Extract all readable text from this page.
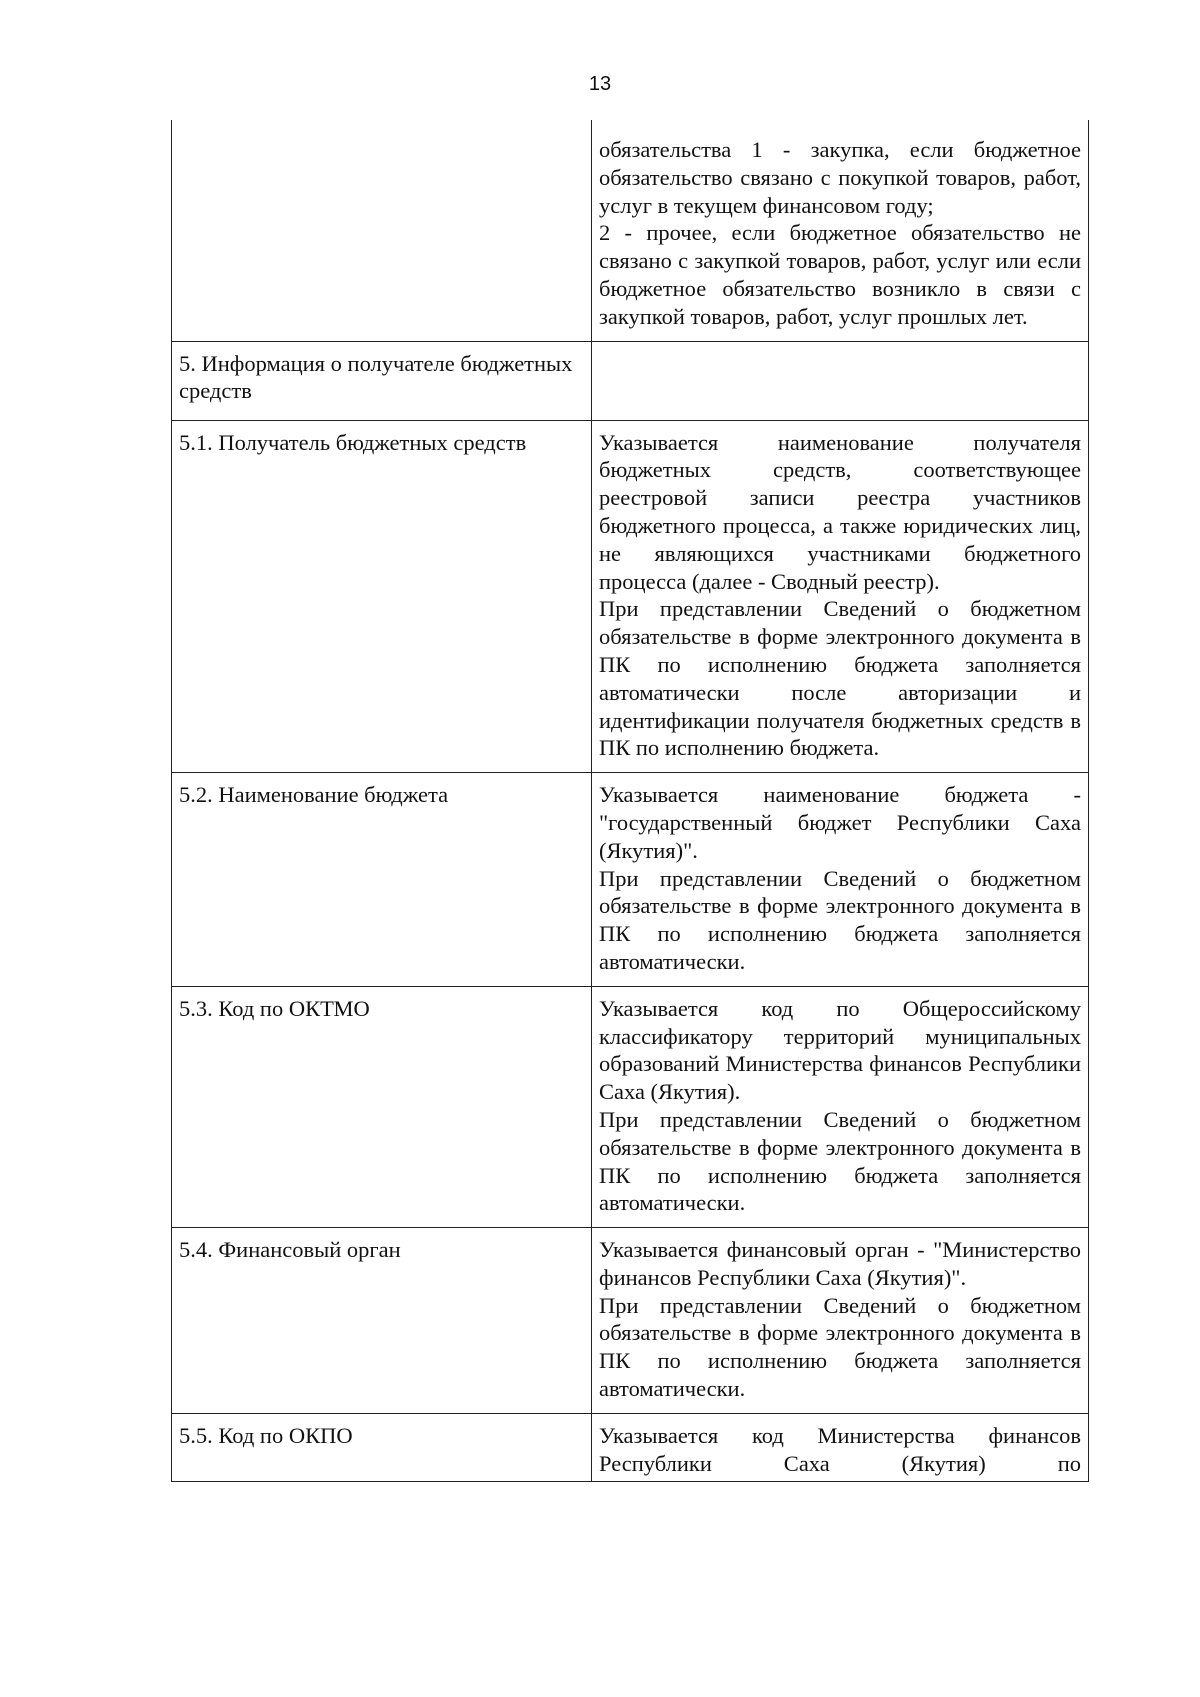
13

	обязательства 1 - закупка, если бюджетное обязательство связано с покупкой товаров, работ, услуг в текущем финансовом году;
2 - прочее, если бюджетное обязательство не связано с закупкой товаров, работ, услуг или если бюджетное обязательство возникло в связи с закупкой товаров, работ, услуг прошлых лет.

5. Информация о получателе бюджетных средств	
5.1. Получатель бюджетных средств	Указывается наименование получателя бюджетных средств, соответствующее реестровой записи реестра участников бюджетного процесса, а также юридических лиц, не являющихся участниками бюджетного процесса (далее - Сводный реестр).
При представлении Сведений о бюджетном обязательстве в форме электронного документа в ПК по исполнению бюджета заполняется автоматически после авторизации и идентификации получателя бюджетных средств в ПК по исполнению бюджета.

5.2. Наименование бюджета	Указывается наименование бюджета - "государственный бюджет Республики Саха (Якутия)".
При представлении Сведений о бюджетном обязательстве в форме электронного документа в ПК по исполнению бюджета заполняется автоматически.

5.3. Код по ОКТМО	Указывается код по Общероссийскому классификатору территорий муниципальных образований Министерства финансов Республики Саха (Якутия).
При представлении Сведений о бюджетном обязательстве в форме электронного документа в ПК по исполнению бюджета заполняется автоматически.

5.4. Финансовый орган	Указывается финансовый орган - "Министерство финансов Республики Саха (Якутия)".
При представлении Сведений о бюджетном обязательстве в форме электронного документа в ПК по исполнению бюджета заполняется автоматически.

5.5. Код по ОКПО	Указывается код Министерства финансов Республики Саха (Якутия) по
